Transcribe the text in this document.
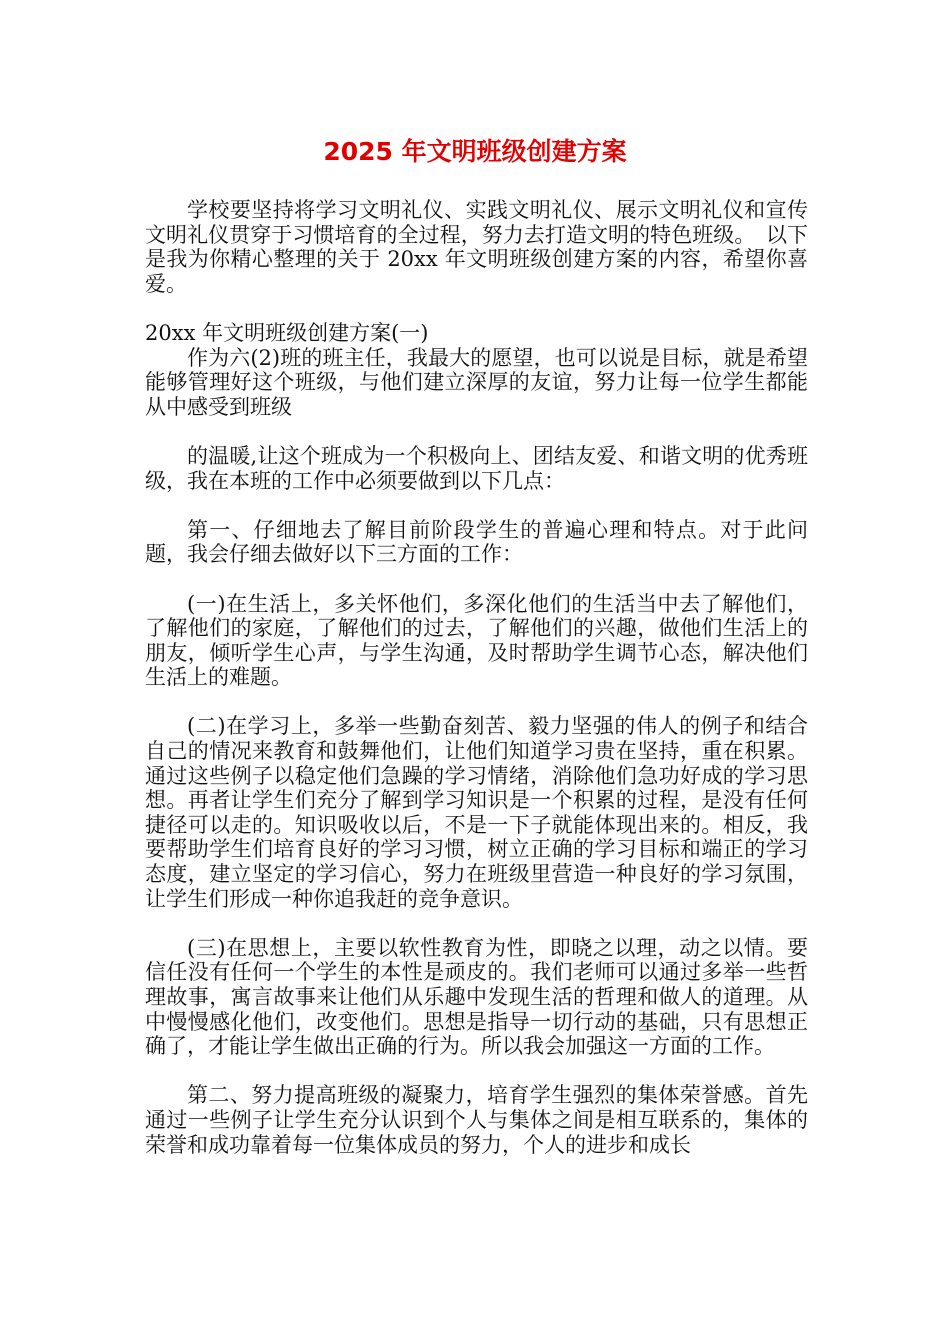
2025 年文明班级创建方案

学校要坚持将学习文明礼仪、实践文明礼仪、展示文明礼仪和宣传文明礼仪贯穿于习惯培育的全过程，努力去打造文明的特色班级。　以下是我为你精心整理的关于 20xx 年文明班级创建方案的内容，希望你喜爱。

20xx 年文明班级创建方案(一)

作为六(2)班的班主任，我最大的愿望，也可以说是目标，就是希望能够管理好这个班级，与他们建立深厚的友谊，努力让每一位学生都能从中感受到班级

的温暖,让这个班成为一个积极向上、团结友爱、和谐文明的优秀班级，我在本班的工作中必须要做到以下几点：

第一、仔细地去了解目前阶段学生的普遍心理和特点。对于此问题，我会仔细去做好以下三方面的工作：

(一)在生活上，多关怀他们，多深化他们的生活当中去了解他们，了解他们的家庭，了解他们的过去，了解他们的兴趣，做他们生活上的朋友，倾听学生心声，与学生沟通，及时帮助学生调节心态，解决他们生活上的难题。

(二)在学习上，多举一些勤奋刻苦、毅力坚强的伟人的例子和结合自己的情况来教育和鼓舞他们，让他们知道学习贵在坚持，重在积累。通过这些例子以稳定他们急躁的学习情绪，消除他们急功好成的学习思想。再者让学生们充分了解到学习知识是一个积累的过程，是没有任何捷径可以走的。知识吸收以后，不是一下子就能体现出来的。相反，我要帮助学生们培育良好的学习习惯，树立正确的学习目标和端正的学习态度，建立坚定的学习信心，努力在班级里营造一种良好的学习氛围，让学生们形成一种你追我赶的竞争意识。

(三)在思想上，主要以软性教育为性，即晓之以理，动之以情。要信任没有任何一个学生的本性是顽皮的。我们老师可以通过多举一些哲理故事，寓言故事来让他们从乐趣中发现生活的哲理和做人的道理。从中慢慢感化他们，改变他们。思想是指导一切行动的基础，只有思想正确了，才能让学生做出正确的行为。所以我会加强这一方面的工作。

第二、努力提高班级的凝聚力，培育学生强烈的集体荣誉感。首先通过一些例子让学生充分认识到个人与集体之间是相互联系的，集体的荣誉和成功靠着每一位集体成员的努力，个人的进步和成长
